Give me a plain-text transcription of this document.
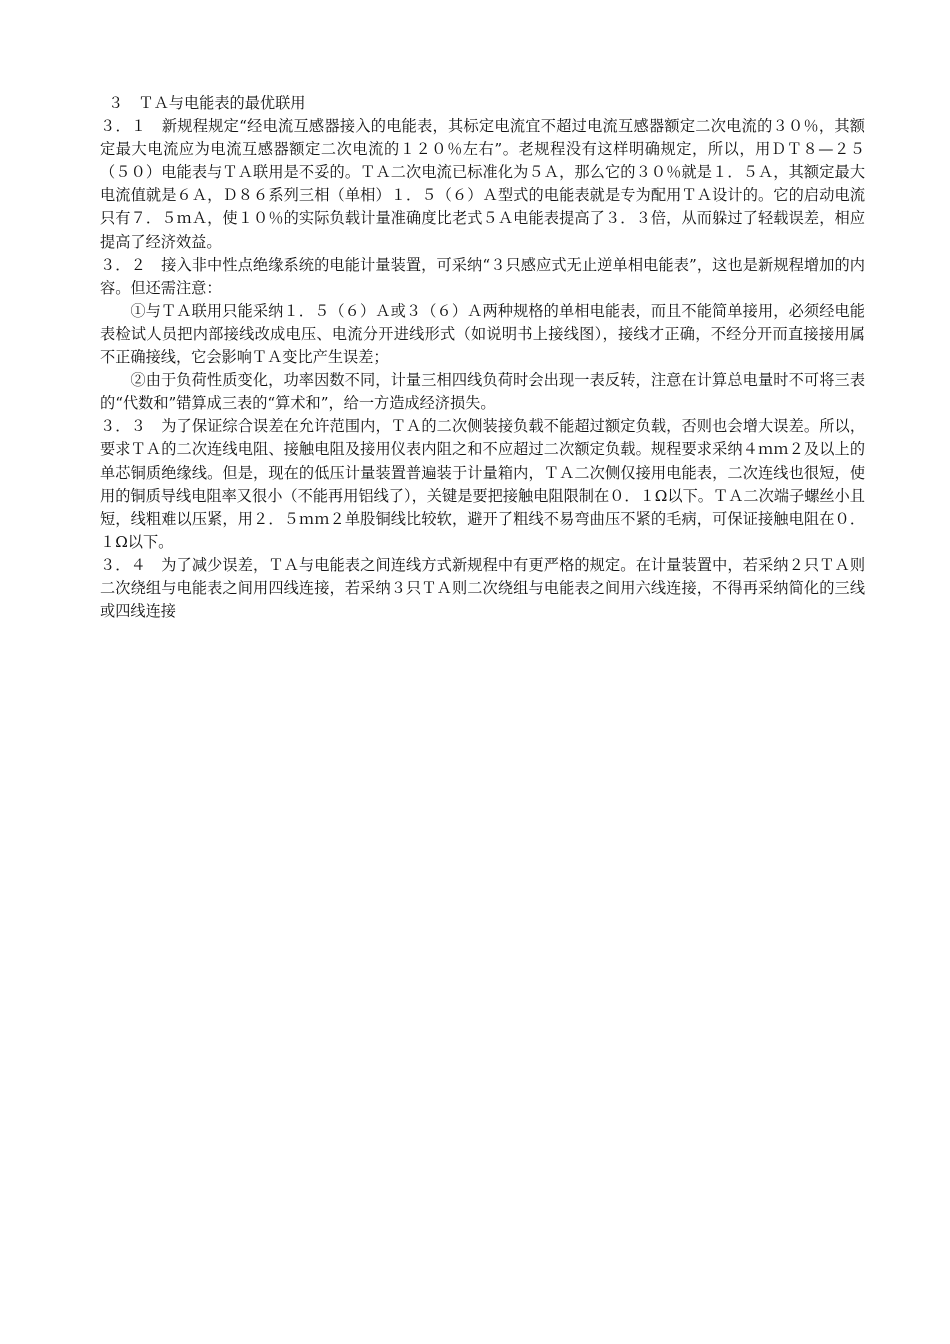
３　ＴＡ与电能表的最优联用

３．１　新规程规定“经电流互感器接入的电能表，其标定电流宜不超过电流互感器额定二次电流的３０％，其额定最大电流应为电流互感器额定二次电流的１２０％左右”。老规程没有这样明确规定，所以，用ＤＴ８—２５（５０）电能表与ＴＡ联用是不妥的。ＴＡ二次电流已标准化为５Ａ，那么它的３０％就是１．５Ａ，其额定最大电流值就是６Ａ，Ｄ８６系列三相（单相）１．５（６）Ａ型式的电能表就是专为配用ＴＡ设计的。它的启动电流只有７．５ｍＡ，使１０％的实际负载计量准确度比老式５Ａ电能表提高了３．３倍，从而躲过了轻载误差，相应提高了经济效益。

３．２　接入非中性点绝缘系统的电能计量装置，可采纳“３只感应式无止逆单相电能表”，这也是新规程增加的内容。但还需注意：

①与ＴＡ联用只能采纳１．５（６）Ａ或３（６）Ａ两种规格的单相电能表，而且不能简单接用，必须经电能表检试人员把内部接线改成电压、电流分开进线形式（如说明书上接线图），接线才正确，不经分开而直接接用属不正确接线，它会影响ＴＡ变比产生误差；

②由于负荷性质变化，功率因数不同，计量三相四线负荷时会出现一表反转，注意在计算总电量时不可将三表的“代数和”错算成三表的“算术和”，给一方造成经济损失。

３．３　为了保证综合误差在允许范围内，ＴＡ的二次侧装接负载不能超过额定负载，否则也会增大误差。所以，要求ＴＡ的二次连线电阻、接触电阻及接用仪表内阻之和不应超过二次额定负载。规程要求采纳４ｍｍ２及以上的单芯铜质绝缘线。但是，现在的低压计量装置普遍装于计量箱内，ＴＡ二次侧仅接用电能表，二次连线也很短，使用的铜质导线电阻率又很小（不能再用铝线了），关键是要把接触电阻限制在０．１Ω以下。ＴＡ二次端子螺丝小且短，线粗难以压紧，用２．５ｍｍ２单股铜线比较软，避开了粗线不易弯曲压不紧的毛病，可保证接触电阻在０．１Ω以下。

３．４　为了减少误差，ＴＡ与电能表之间连线方式新规程中有更严格的规定。在计量装置中，若采纳２只ＴＡ则二次绕组与电能表之间用四线连接，若采纳３只ＴＡ则二次绕组与电能表之间用六线连接，不得再采纳简化的三线或四线连接
